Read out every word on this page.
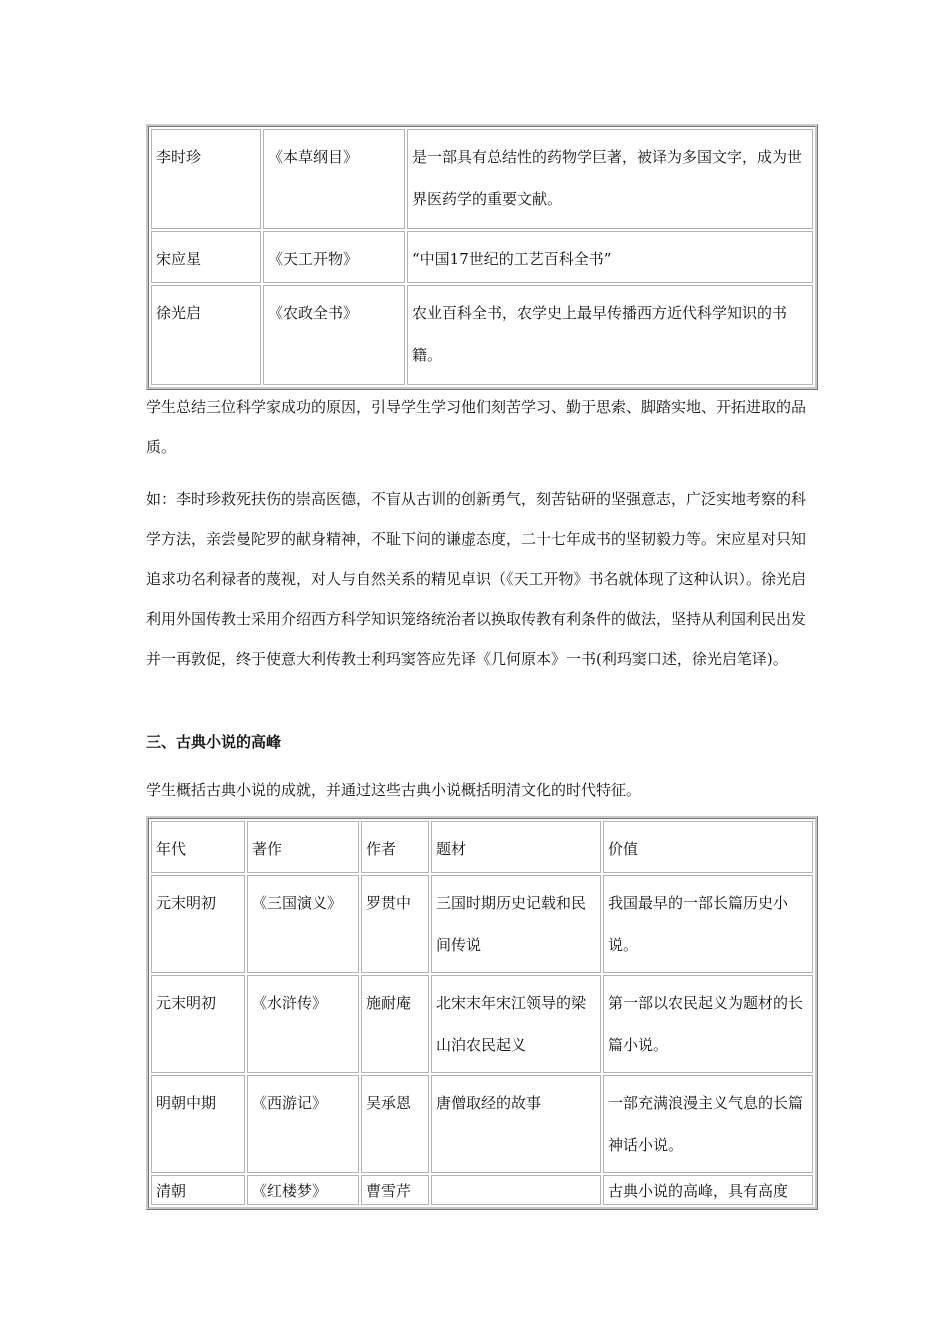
李时珍	《本草纲目》	是一部具有总结性的药物学巨著，被译为多国文字，成为世界医药学的重要文献。
宋应星	《天工开物》	“中国17世纪的工艺百科全书”
徐光启	《农政全书》	农业百科全书，农学史上最早传播西方近代科学知识的书籍。

学生总结三位科学家成功的原因，引导学生学习他们刻苦学习、勤于思索、脚踏实地、开拓进取的品质。

如：李时珍救死扶伤的崇高医德，不盲从古训的创新勇气，刻苦钻研的坚强意志，广泛实地考察的科学方法，亲尝曼陀罗的献身精神，不耻下问的谦虚态度，二十七年成书的坚韧毅力等。宋应星对只知追求功名利禄者的蔑视，对人与自然关系的精见卓识（《天工开物》书名就体现了这种认识）。徐光启利用外国传教士采用介绍西方科学知识笼络统治者以换取传教有利条件的做法，坚持从利国利民出发并一再敦促，终于使意大利传教士利玛窦答应先译《几何原本》一书(利玛窦口述，徐光启笔译)。

三、古典小说的高峰

学生概括古典小说的成就，并通过这些古典小说概括明清文化的时代特征。

年代	著作	作者	题材	价值
元末明初	《三国演义》	罗贯中	三国时期历史记载和民间传说	我国最早的一部长篇历史小说。
元末明初	《水浒传》	施耐庵	北宋末年宋江领导的梁山泊农民起义	第一部以农民起义为题材的长篇小说。
明朝中期	《西游记》	吴承恩	唐僧取经的故事	一部充满浪漫主义气息的长篇神话小说。

清朝	《红楼梦》	曹雪芹		古典小说的高峰，具有高度
